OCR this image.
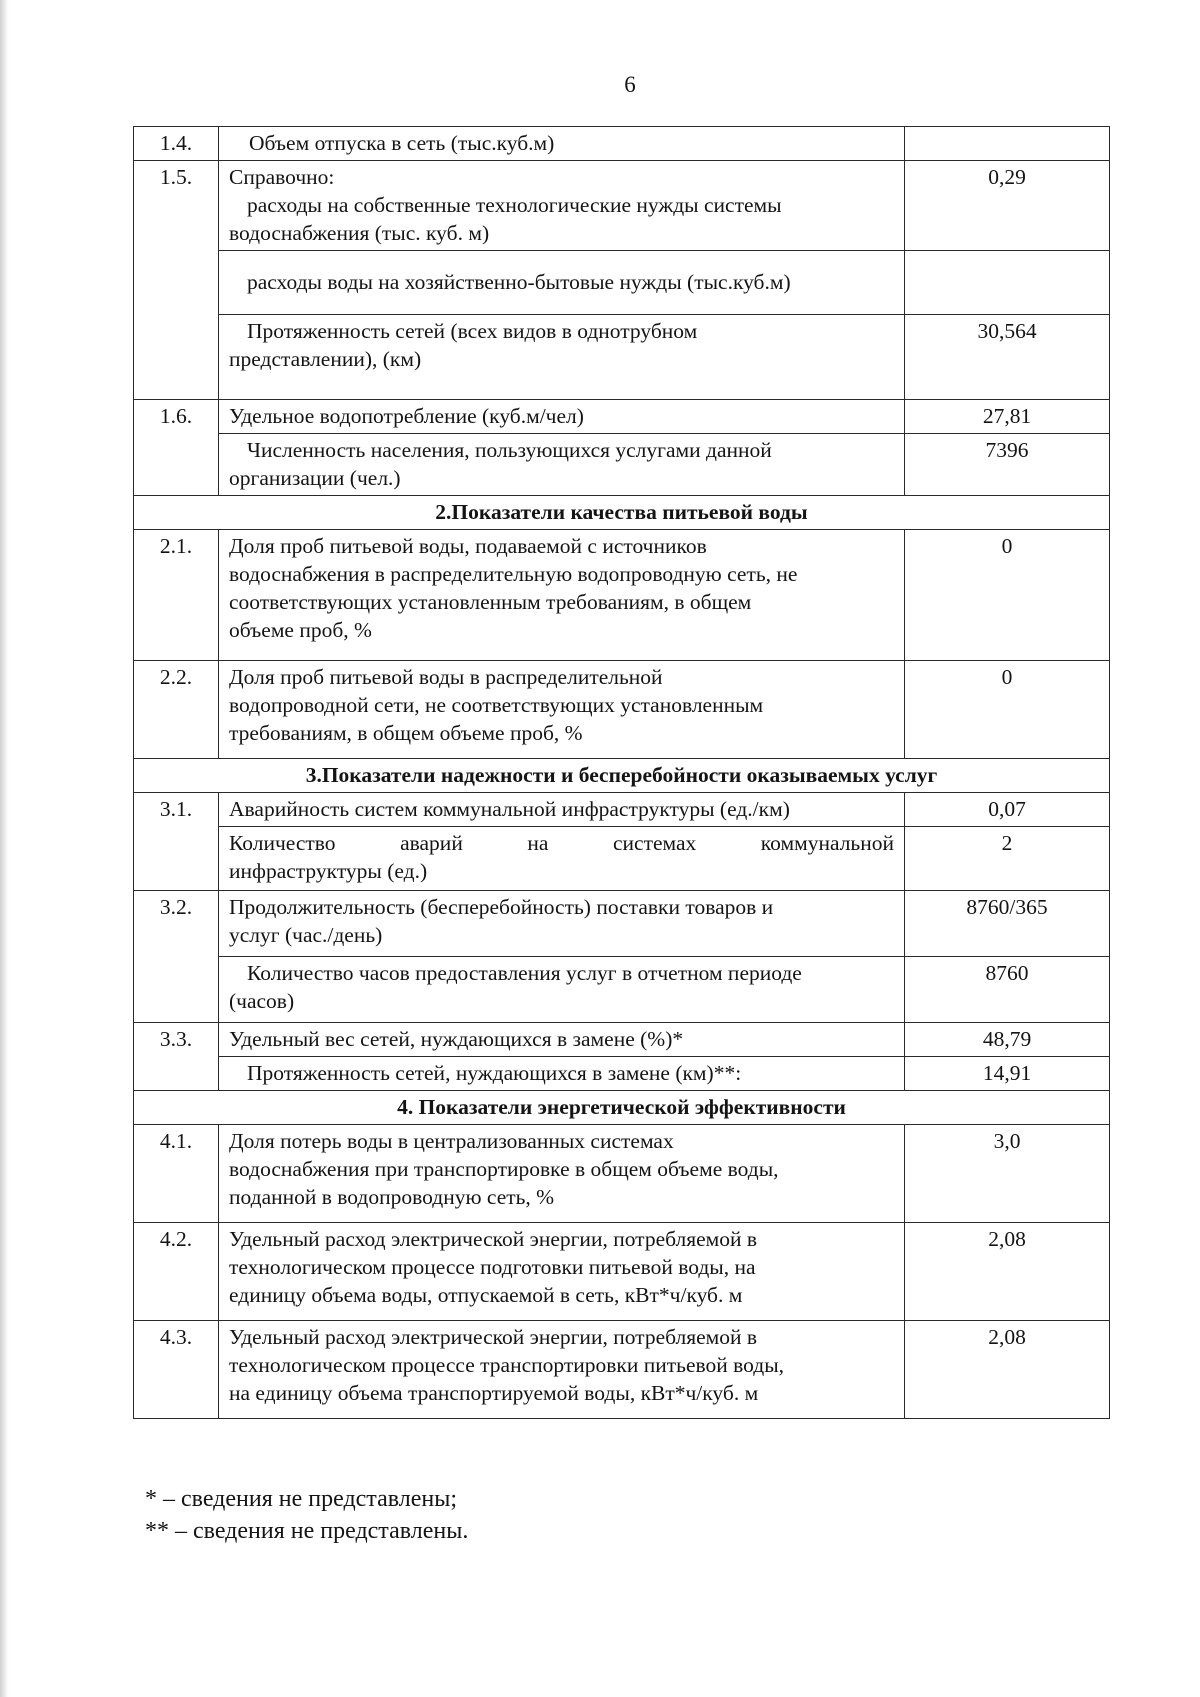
6
1.4.	Объем отпуска в сеть (тыс.куб.м)	
1.5.	Справочно:
расходы на собственные технологические нужды системы
водоснабжения (тыс. куб. м)	0,29
	расходы воды на хозяйственно-бытовые нужды (тыс.куб.м)	

	Протяженность сетей (всех видов в однотрубном
представлении), (км)	30,564
1.6.	Удельное водопотребление (куб.м/чел)	27,81

	Численность населения, пользующихся услугами данной
организации (чел.)	7396
2.Показатели качества питьевой воды		
2.1.	Доля проб питьевой воды, подаваемой с источников
водоснабжения в распределительную водопроводную сеть, не
соответствующих установленным требованиям, в общем
объеме проб, %	0
2.2.	Доля проб питьевой воды в распределительной
водопроводной сети, не соответствующих установленным
требованиям, в общем объеме проб, %	0
3.Показатели надежности и бесперебойности оказываемых услуг		
3.1.	Аварийность систем коммунальной инфраструктуры (ед./км)	0,07

	Количество аварий на системах коммунальной
инфраструктуры (ед.)	2
3.2.	Продолжительность (бесперебойность) поставки товаров и
услуг (час./день)	8760/365

	Количество часов предоставления услуг в отчетном периоде
(часов)	8760
3.3.	Удельный вес сетей, нуждающихся в замене (%)*	48,79
	Протяженность сетей, нуждающихся в замене (км)**:	14,91
4. Показатели энергетической эффективности		
4.1.	Доля потерь воды в централизованных системах
водоснабжения при транспортировке в общем объеме воды,
поданной в водопроводную сеть, %	3,0
4.2.	Удельный расход электрической энергии, потребляемой в
технологическом процессе подготовки питьевой воды, на
единицу объема воды, отпускаемой в сеть, кВт*ч/куб. м	2,08
4.3.	Удельный расход электрической энергии, потребляемой в
технологическом процессе транспортировки питьевой воды,
на единицу объема транспортируемой воды, кВт*ч/куб. м	2,08
* – сведения не представлены;
** – сведения не представлены.
